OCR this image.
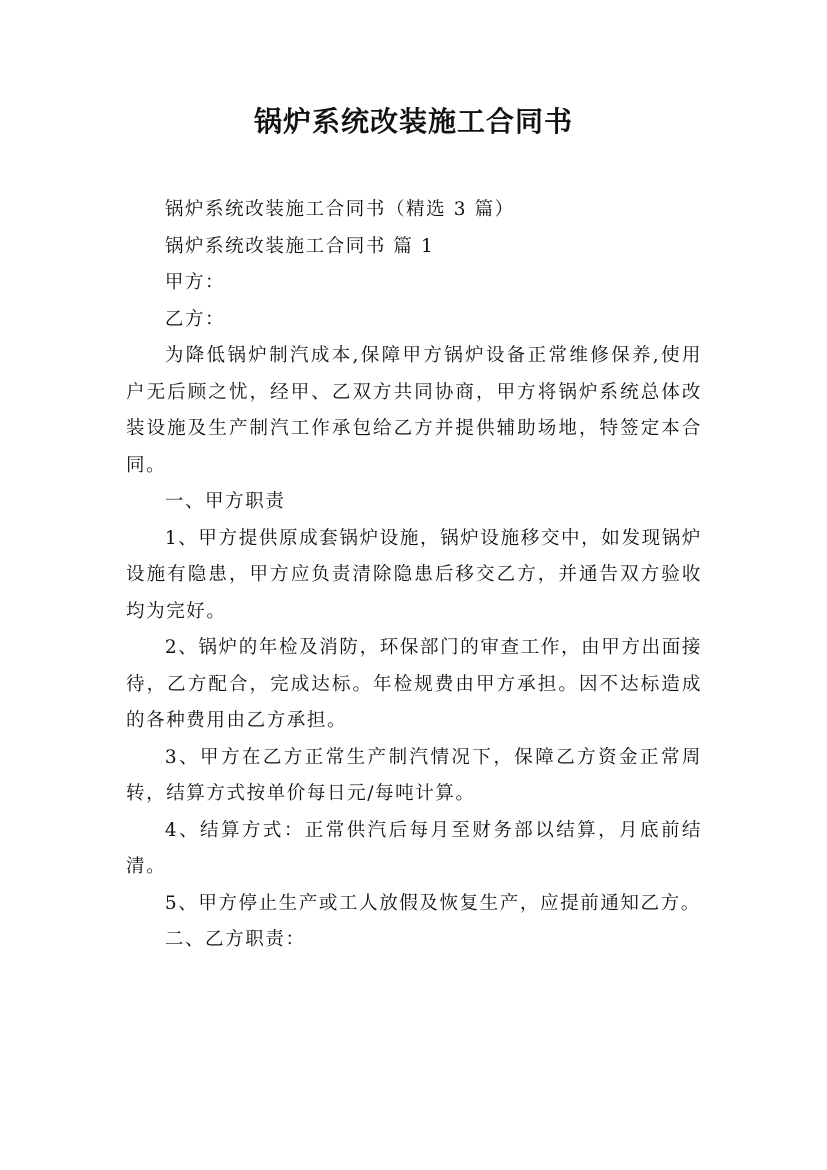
锅炉系统改装施工合同书

锅炉系统改装施工合同书（精选 3 篇）

锅炉系统改装施工合同书 篇 1

甲方：

乙方：

为降低锅炉制汽成本,保障甲方锅炉设备正常维修保养,使用户无后顾之忧，经甲、乙双方共同协商，甲方将锅炉系统总体改装设施及生产制汽工作承包给乙方并提供辅助场地，特签定本合同。

一、甲方职责

1、甲方提供原成套锅炉设施，锅炉设施移交中，如发现锅炉设施有隐患，甲方应负责清除隐患后移交乙方，并通告双方验收均为完好。

2、锅炉的年检及消防，环保部门的审查工作，由甲方出面接待，乙方配合，完成达标。年检规费由甲方承担。因不达标造成的各种费用由乙方承担。

3、甲方在乙方正常生产制汽情况下，保障乙方资金正常周转，结算方式按单价每日元/每吨计算。

4、结算方式：正常供汽后每月至财务部以结算，月底前结清。

5、甲方停止生产或工人放假及恢复生产，应提前通知乙方。

二、乙方职责：
